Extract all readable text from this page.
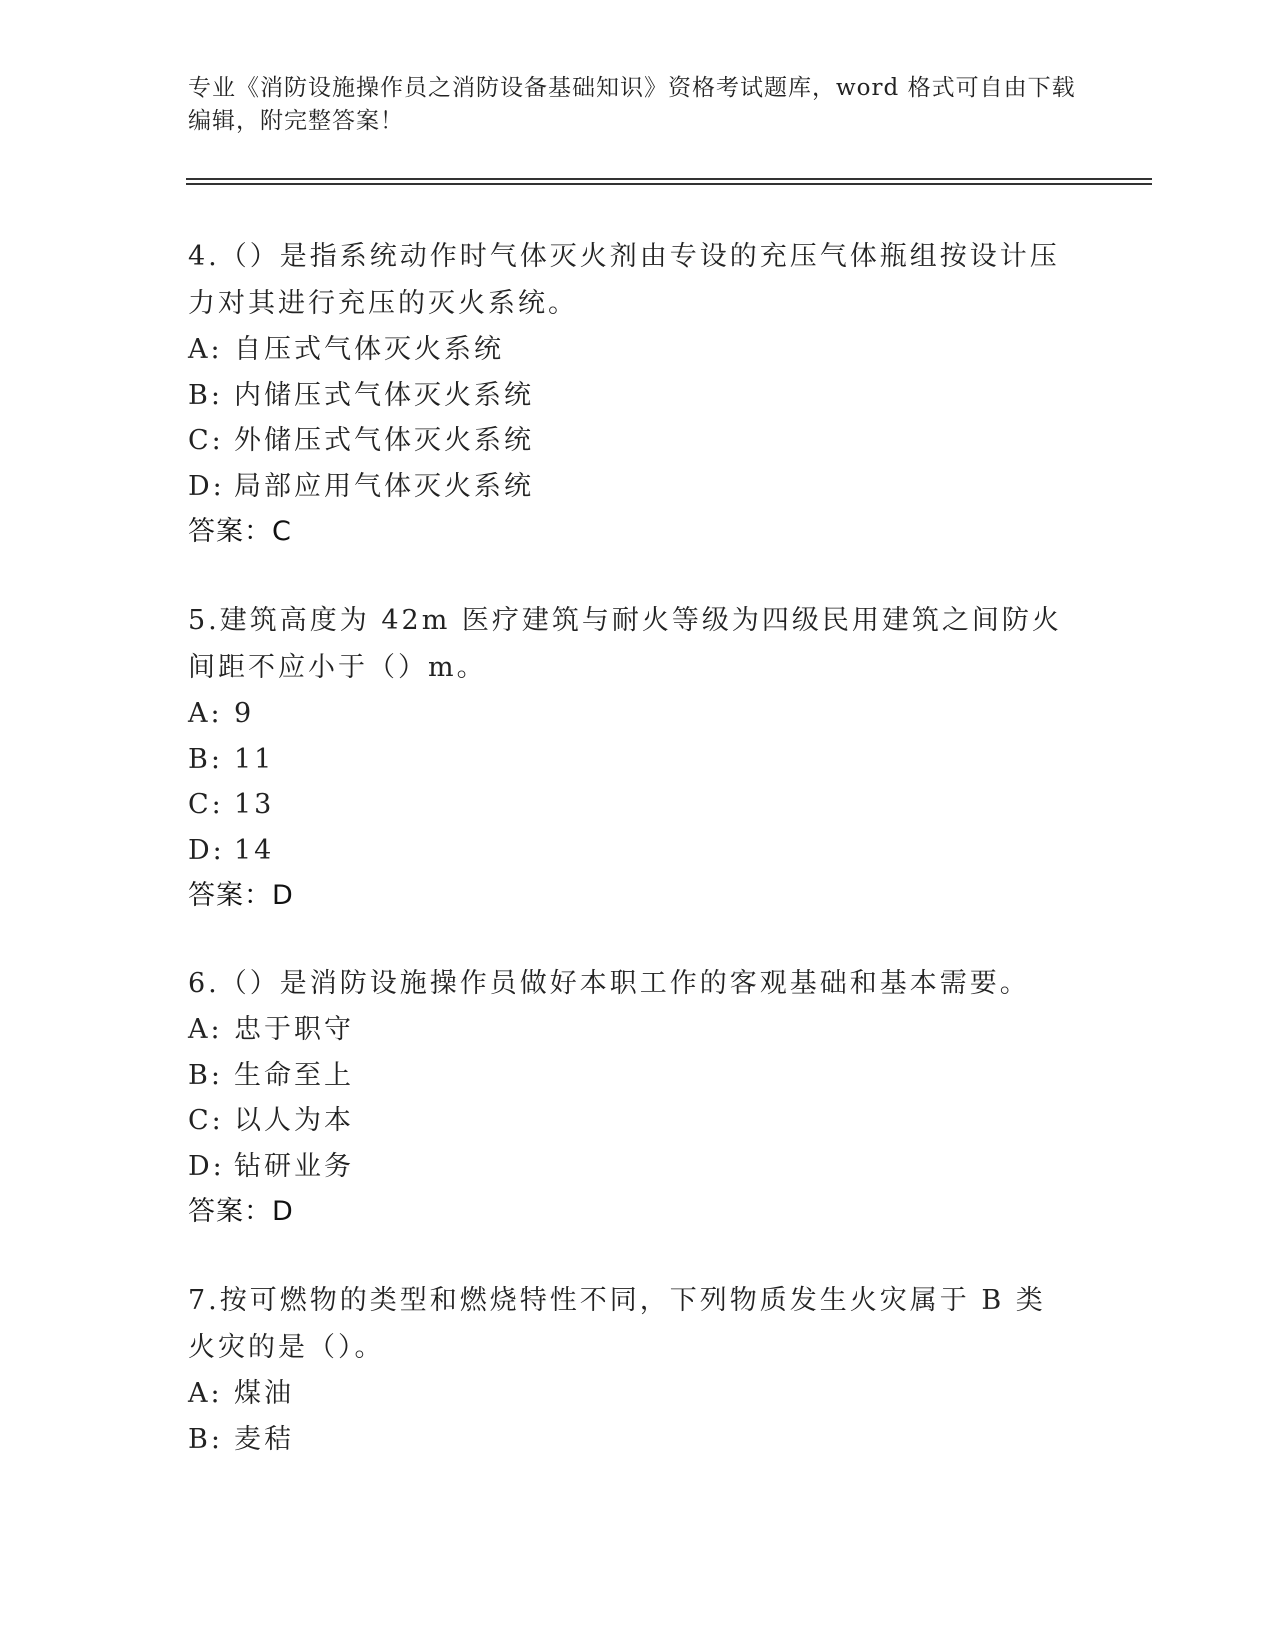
专业《消防设施操作员之消防设备基础知识》资格考试题库，word 格式可自由下载编辑，附完整答案！

4.（）是指系统动作时气体灭火剂由专设的充压气体瓶组按设计压力对其进行充压的灭火系统。

A: 自压式气体灭火系统

B: 内储压式气体灭火系统

C: 外储压式气体灭火系统

D: 局部应用气体灭火系统

答案：C

5.建筑高度为 42m 医疗建筑与耐火等级为四级民用建筑之间防火间距不应小于（）m。

A: 9

B: 11

C: 13

D: 14

答案：D

6.（）是消防设施操作员做好本职工作的客观基础和基本需要。

A: 忠于职守

B: 生命至上

C: 以人为本

D: 钻研业务

答案：D

7.按可燃物的类型和燃烧特性不同，下列物质发生火灾属于 B 类火灾的是（）。

A: 煤油

B: 麦秸
